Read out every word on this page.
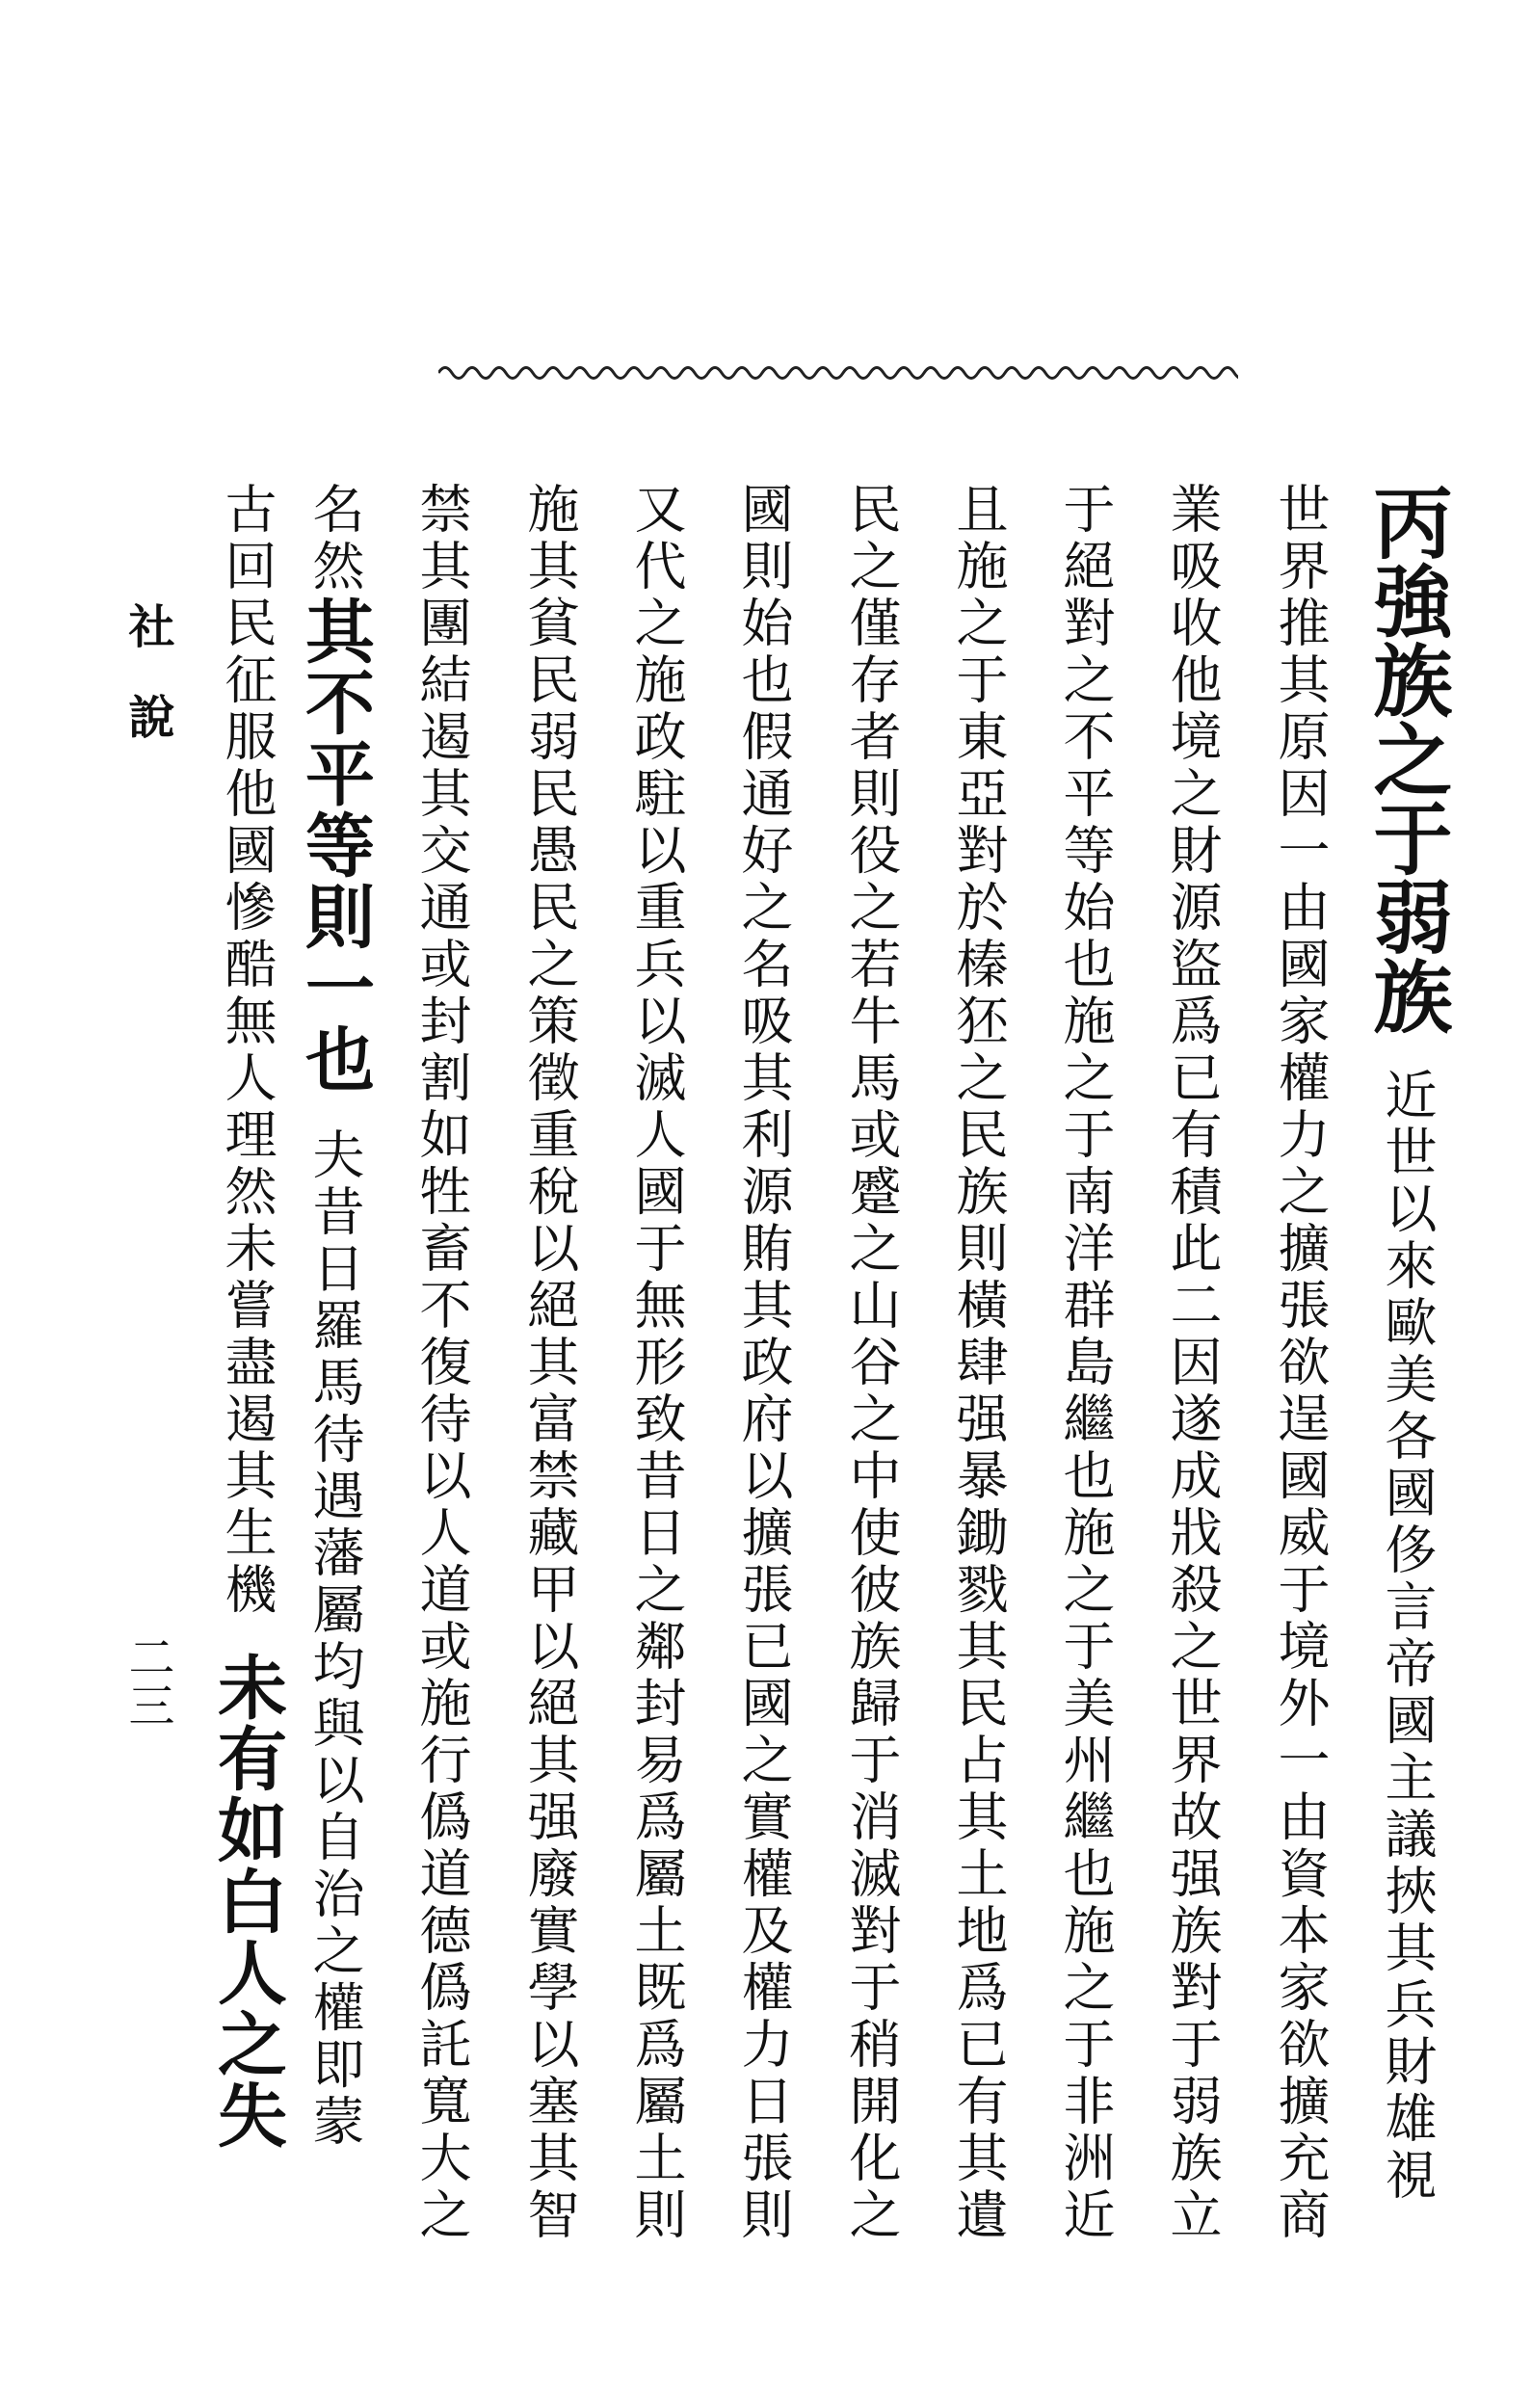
社說
二三
丙強族之于弱族
近世以來歐美各國侈言帝國主議挾其兵財雄視
世界推其原因一由國家權力之擴張欲逞國威于境外一由資本家欲擴充商
業吸收他境之財源盜爲已有積此二因遂成戕殺之世界故强族對于弱族立
于絕對之不平等始也施之于南洋群島繼也施之于美州繼也施之于非洲近
且施之于東亞對於榛狉之民族則橫肆强暴鋤戮其民占其土地爲已有其遺
民之僅存者則役之若牛馬或蹙之山谷之中使彼族歸于消滅對于稍開化之
國則始也假通好之名吸其利源賄其政府以擴張已國之實權及權力日張則
又代之施政駐以重兵以滅人國于無形致昔日之鄰封易爲屬土既爲屬土則
施其貧民弱民愚民之策徵重稅以絕其富禁藏甲以絕其强廢實學以塞其智
禁其團結遏其交通或封割如牲畜不復待以人道或施行僞道德僞託寬大之
名然
其不平等則一也
夫昔日羅馬待遇藩屬均與以自治之權即蒙
古回民征服他國慘酷無人理然未嘗盡遏其生機
未有如白人之失
